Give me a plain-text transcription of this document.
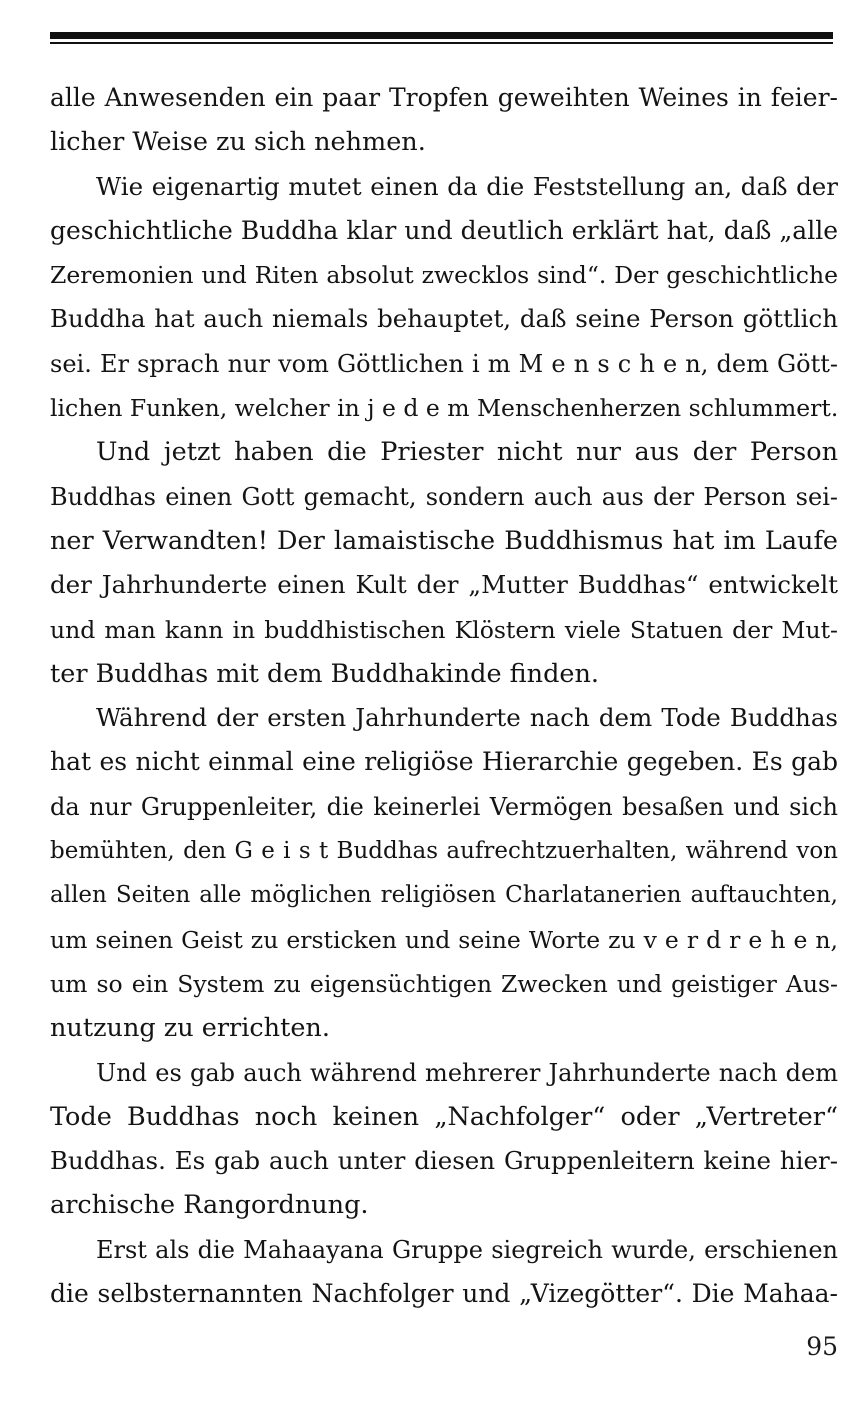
alle Anwesenden ein paar Tropfen geweihten Weines in feier-
licher Weise zu sich nehmen.
Wie eigenartig mutet einen da die Feststellung an, daß der
geschichtliche Buddha klar und deutlich erklärt hat, daß „alle
Zeremonien und Riten absolut zwecklos sind“. Der geschichtliche
Buddha hat auch niemals behauptet, daß seine Person göttlich
sei. Er sprach nur vom Göttlichen i m M e n s c h e n, dem Gött-
lichen Funken, welcher in j e d e m Menschenherzen schlummert.
Und jetzt haben die Priester nicht nur aus der Person
Buddhas einen Gott gemacht, sondern auch aus der Person sei-
ner Verwandten! Der lamaistische Buddhismus hat im Laufe
der Jahrhunderte einen Kult der „Mutter Buddhas“ entwickelt
und man kann in buddhistischen Klöstern viele Statuen der Mut-
ter Buddhas mit dem Buddhakinde finden.
Während der ersten Jahrhunderte nach dem Tode Buddhas
hat es nicht einmal eine religiöse Hierarchie gegeben. Es gab
da nur Gruppenleiter, die keinerlei Vermögen besaßen und sich
bemühten, den G e i s t Buddhas aufrechtzuerhalten, während von
allen Seiten alle möglichen religiösen Charlatanerien auftauchten,
um seinen Geist zu ersticken und seine Worte zu v e r d r e h e n,
um so ein System zu eigensüchtigen Zwecken und geistiger Aus-
nutzung zu errichten.
Und es gab auch während mehrerer Jahrhunderte nach dem
Tode Buddhas noch keinen „Nachfolger“ oder „Vertreter“
Buddhas. Es gab auch unter diesen Gruppenleitern keine hier-
archische Rangordnung.
Erst als die Mahaayana Gruppe siegreich wurde, erschienen
die selbsternannten Nachfolger und „Vizegötter“. Die Mahaa-
95
